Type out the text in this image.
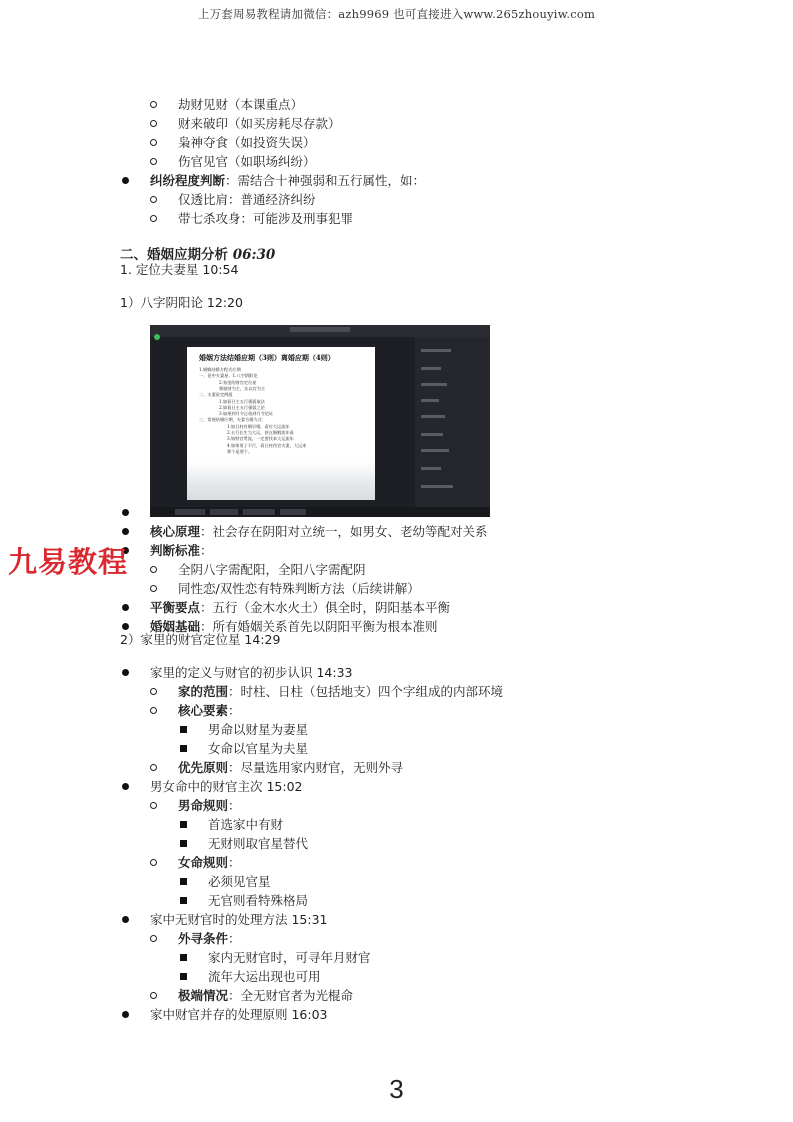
上万套周易教程请加微信：azh9969 也可直接进入www.265zhouyiw.com
劫财见财（本课重点）
财来破印（如买房耗尽存款）
枭神夺食（如投资失误）
伤官见官（如职场纠纷）
纠纷程度判断：需结合十神强弱和五行属性，如：
仅透比肩：普通经济纠纷
带七杀攻身：可能涉及刑事犯罪
二、婚姻应期分析 06:30
1. 定位夫妻星 10:54
1）八字阴阳论 12:20
婚姻方法结婚应期（3则）离婚应期（4则）
1.婚姻结婚方程式应期
一、论中夫妻星、1.八字阴阳论
2.家里的财官定位星
那取财为主，女以官为主
二、夫妻星定两组
1.如看日主五行强弱取法
2.如看日主五行强弱之论
3.如果到月令正依到月令论证
三、常规结婚应期，夫妻合婚方式：
1.如日柱有婚早婚，看官大运流年
2.五行长生当大运，甚在婚姻流年看
3.如财官贯流，一定要找本大运流年
4.如果男子不行，看日柱伤官夫妻，大运来
那个是要个。
核心原理：社会存在阴阳对立统一，如男女、老幼等配对关系
判断标准：
全阴八字需配阳，全阳八字需配阴
同性恋/双性恋有特殊判断方法（后续讲解）
平衡要点：五行（金木水火土）俱全时，阴阳基本平衡
婚姻基础：所有婚姻关系首先以阴阳平衡为根本准则
九易教程
2）家里的财官定位星 14:29
家里的定义与财官的初步认识 14:33
家的范围：时柱、日柱（包括地支）四个字组成的内部环境
核心要素：
男命以财星为妻星
女命以官星为夫星
优先原则：尽量选用家内财官，无则外寻
男女命中的财官主次 15:02
男命规则：
首选家中有财
无财则取官星替代
女命规则：
必须见官星
无官则看特殊格局
家中无财官时的处理方法 15:31
外寻条件：
家内无财官时，可寻年月财官
流年大运出现也可用
极端情况：全无财官者为光棍命
家中财官并存的处理原则 16:03
3
